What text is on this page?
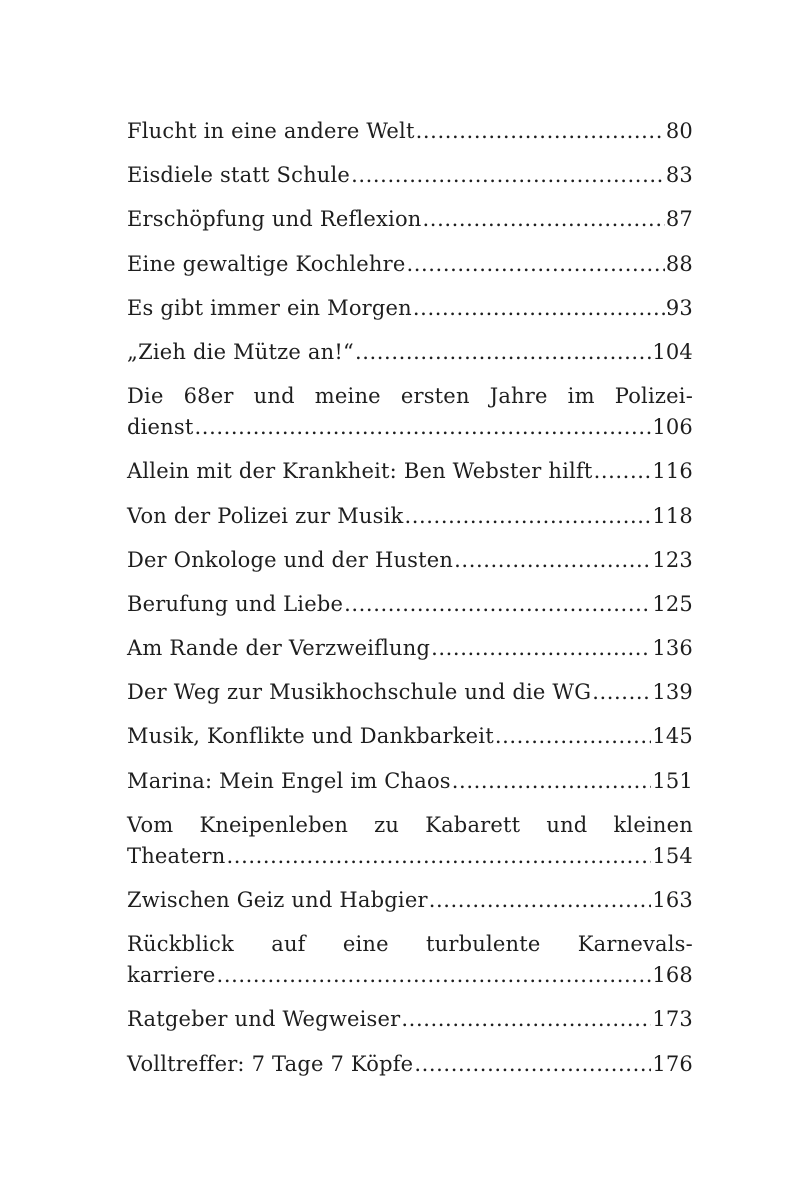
Flucht in eine andere Welt .....	80
Eisdiele statt Schule .....	83
Erschöpfung und Reflexion .....	87
Eine gewaltige Kochlehre .....	88
Es gibt immer ein Morgen .....	93
„Zieh die Mütze an!“ .....	104
Die 68er und meine ersten Jahre im Polizei-
dienst .....	106
Allein mit der Krankheit: Ben Webster hilft .....	116
Von der Polizei zur Musik .....	118
Der Onkologe und der Husten .....	123
Berufung und Liebe .....	125
Am Rande der Verzweiflung .....	136
Der Weg zur Musikhochschule und die WG .....	139
Musik, Konflikte und Dankbarkeit .....	145
Marina: Mein Engel im Chaos .....	151
Vom Kneipenleben zu Kabarett und kleinen
Theatern .....	154
Zwischen Geiz und Habgier .....	163
Rückblick auf eine turbulente Karnevals-
karriere .....	168
Ratgeber und Wegweiser .....	173
Volltreffer: 7 Tage 7 Köpfe .....	176
